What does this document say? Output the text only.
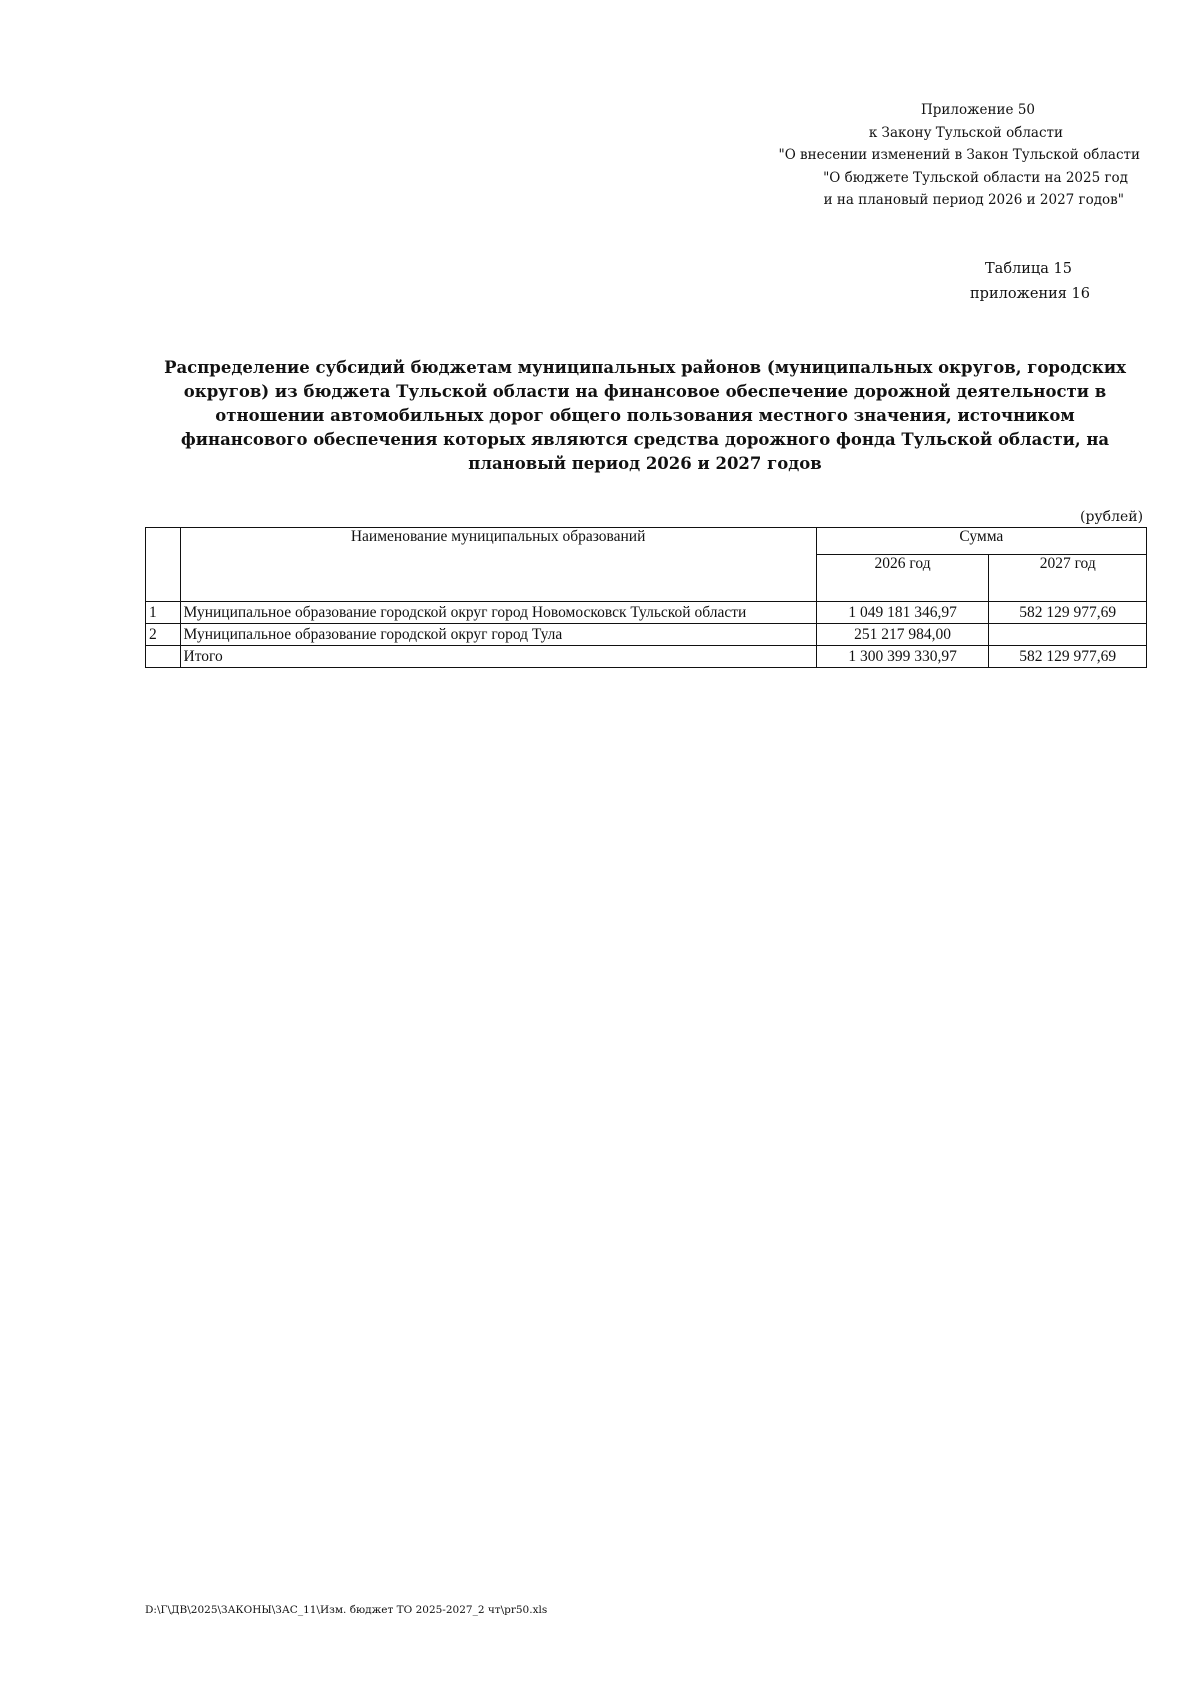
Приложение 50
к Закону Тульской области
"О внесении изменений в Закон Тульской области
"О бюджете Тульской области на 2025 год
и на плановый период 2026 и 2027 годов"
Таблица 15
приложения 16
Распределение субсидий бюджетам муниципальных районов (муниципальных округов, городских округов) из бюджета Тульской области на финансовое обеспечение дорожной деятельности в отношении автомобильных дорог общего пользования местного значения, источником финансового обеспечения которых являются средства дорожного фонда Тульской области, на плановый период 2026 и 2027 годов
(рублей)
	Наименование муниципальных образований	Сумма	
		2026 год	2027 год
1	Муниципальное образование городской округ город Новомосковск Тульской области	1 049 181 346,97	582 129 977,69
2	Муниципальное образование городской округ город Тула	251 217 984,00	
	Итого	1 300 399 330,97	582 129 977,69
D:\Г\ДВ\2025\ЗАКОНЫ\ЗАС_11\Изм. бюджет ТО 2025-2027_2 чт\pr50.xls
